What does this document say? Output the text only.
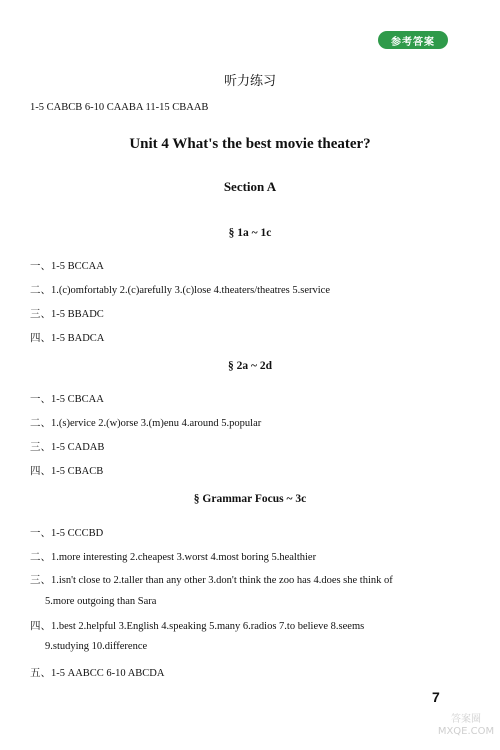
参考答案
听力练习
1-5 CABCB 6-10 CAABA 11-15 CBAAB
Unit 4 What's the best movie theater?
Section A
§ 1a ~ 1c
一、1-5 BCCAA
二、1.(c)omfortably 2.(c)arefully 3.(c)lose 4.theaters/theatres 5.service
三、1-5 BBADC
四、1-5 BADCA
§ 2a ~ 2d
一、1-5 CBCAA
二、1.(s)ervice 2.(w)orse 3.(m)enu 4.around 5.popular
三、1-5 CADAB
四、1-5 CBACB
§ Grammar Focus ~ 3c
一、1-5 CCCBD
二、1.more interesting 2.cheapest 3.worst 4.most boring 5.healthier
三、1.isn't close to 2.taller than any other 3.don't think the zoo has 4.does she think of
5.more outgoing than Sara
四、1.best 2.helpful 3.English 4.speaking 5.many 6.radios 7.to believe 8.seems
9.studying 10.difference
五、1-5 AABCC 6-10 ABCDA
7
答案圈
MXQE.COM
